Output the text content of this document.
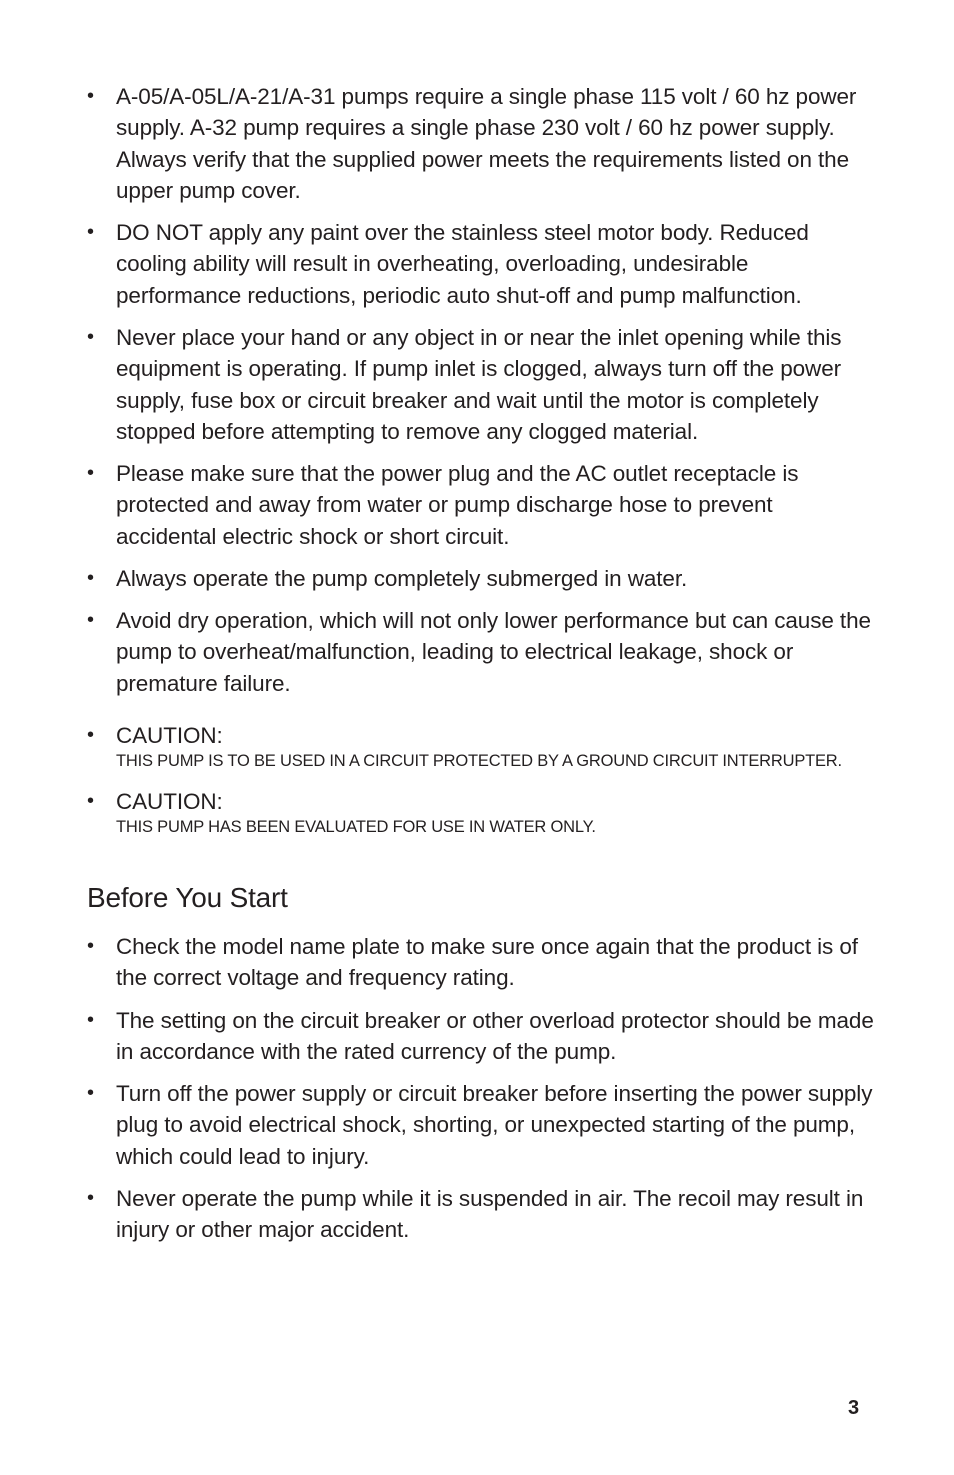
• A-05/A-05L/A-21/A-31 pumps require a single phase 115 volt / 60 hz power supply. A-32 pump requires a single phase 230 volt / 60 hz power supply. Always verify that the supplied power meets the requirements listed on the upper pump cover.
• DO NOT apply any paint over the stainless steel motor body. Reduced cooling ability will result in overheating, overloading, undesirable performance reductions, periodic auto shut-off and pump malfunction.
• Never place your hand or any object in or near the inlet opening while this equipment is operating. If pump inlet is clogged, always turn off the power supply, fuse box or circuit breaker and wait until the motor is completely stopped before attempting to remove any clogged material.
• Please make sure that the power plug and the AC outlet receptacle is protected and away from water or pump discharge hose to prevent accidental electric shock or short circuit.
• Always operate the pump completely submerged in water.
• Avoid dry operation, which will not only lower performance but can cause the pump to overheat/malfunction, leading to electrical leakage, shock or premature failure.
• CAUTION:
THIS PUMP IS TO BE USED IN A CIRCUIT PROTECTED BY A GROUND CIRCUIT INTERRUPTER.
• CAUTION:
THIS PUMP HAS BEEN EVALUATED FOR USE IN WATER ONLY.
Before You Start
• Check the model name plate to make sure once again that the product is of the correct voltage and frequency rating.
• The setting on the circuit breaker or other overload protector should be made in accordance with the rated currency of the pump.
• Turn off the power supply or circuit breaker before inserting the power supply plug to avoid electrical shock, shorting, or unexpected starting of the pump, which could lead to injury.
• Never operate the pump while it is suspended in air. The recoil may result in injury or other major accident.
3
